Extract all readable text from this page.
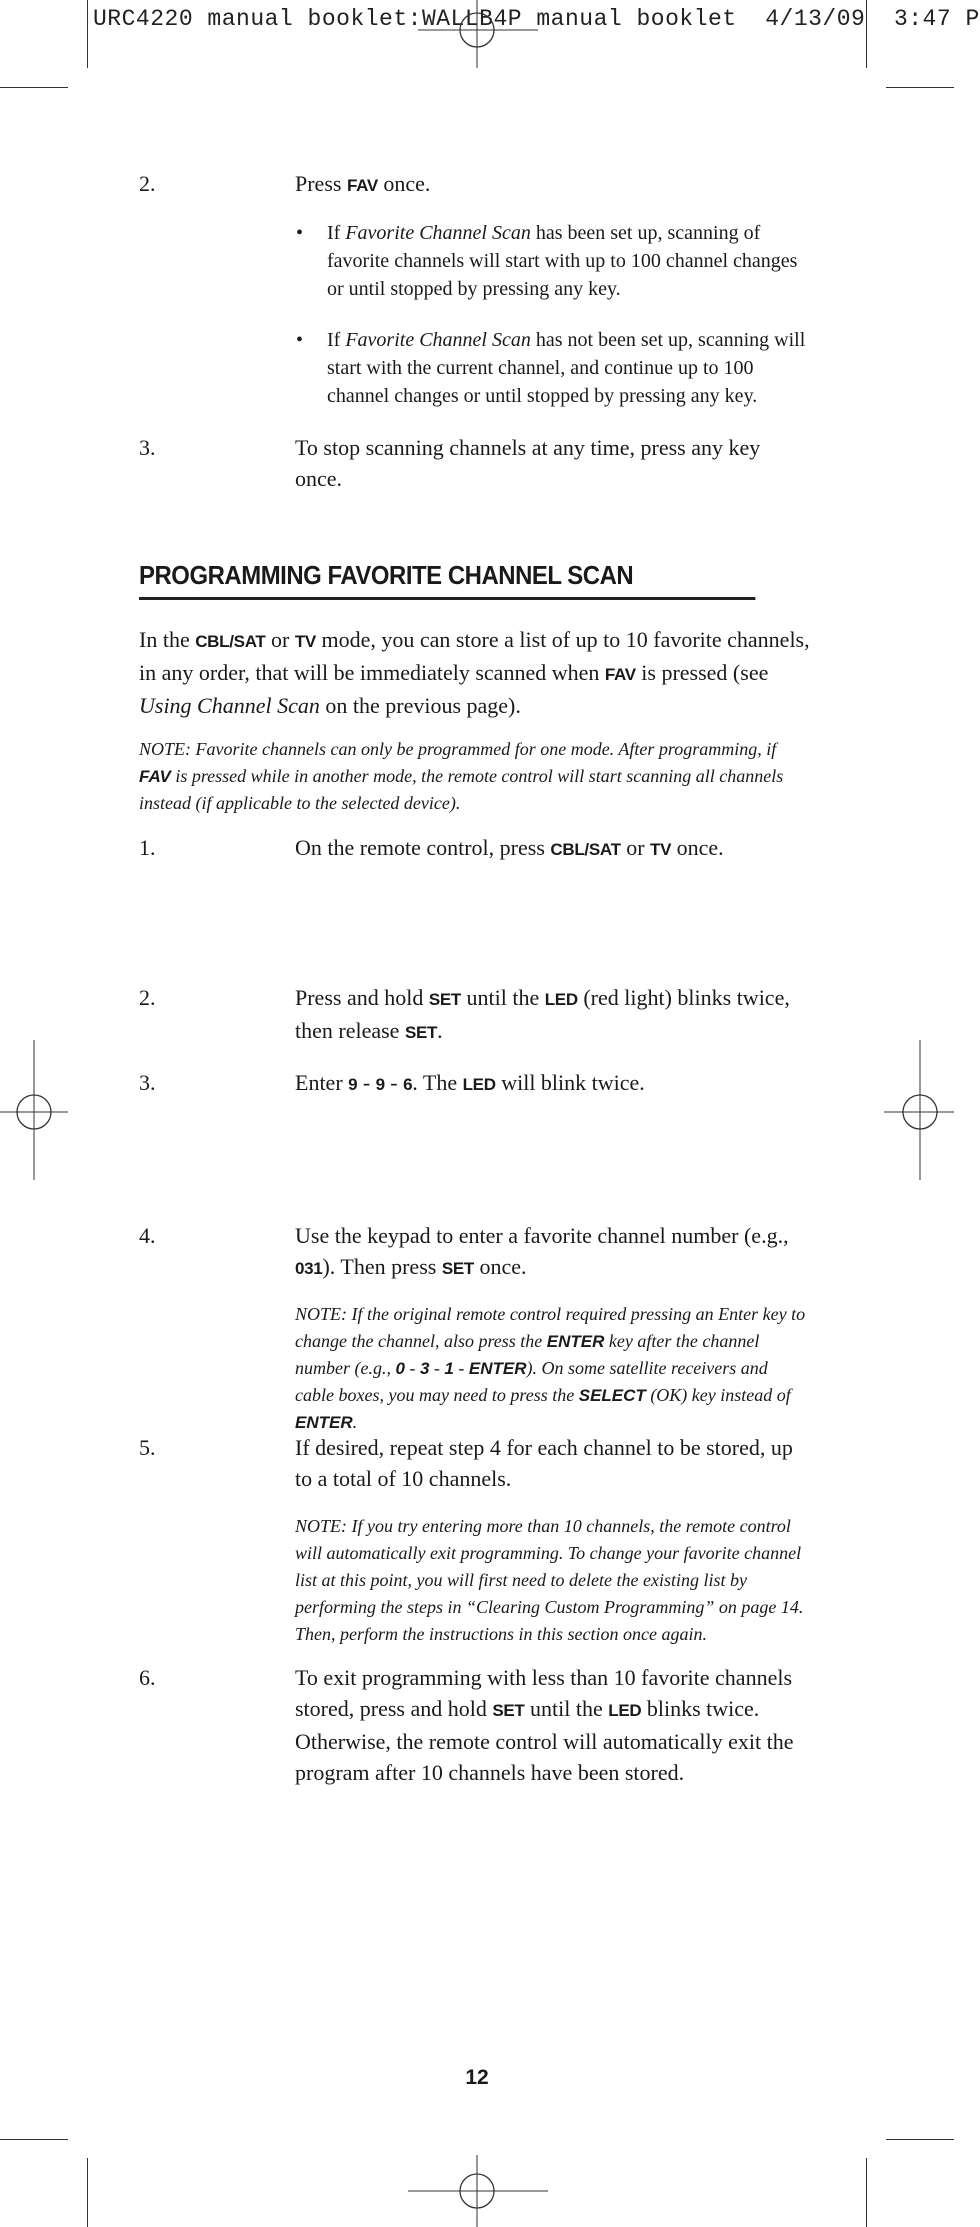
URC4220 manual booklet:WALLB4P manual booklet 4/13/09 3:47 P
2.	Press FAV once.
• If Favorite Channel Scan has been set up, scanning of favorite channels will start with up to 100 channel changes or until stopped by pressing any key.
• If Favorite Channel Scan has not been set up, scanning will start with the current channel, and continue up to 100 channel changes or until stopped by pressing any key.
3.	To stop scanning channels at any time, press any key once.
PROGRAMMING FAVORITE CHANNEL SCAN
In the CBL/SAT or TV mode, you can store a list of up to 10 favorite channels, in any order, that will be immediately scanned when FAV is pressed (see Using Channel Scan on the previous page).
NOTE: Favorite channels can only be programmed for one mode. After programming, if FAV is pressed while in another mode, the remote control will start scanning all channels instead (if applicable to the selected device).
1.	On the remote control, press CBL/SAT or TV once.
2.	Press and hold SET until the LED (red light) blinks twice, then release SET.
3.	Enter 9 - 9 - 6. The LED will blink twice.
4.	Use the keypad to enter a favorite channel number (e.g., 031). Then press SET once.
NOTE: If the original remote control required pressing an Enter key to change the channel, also press the ENTER key after the channel number (e.g., 0 - 3 - 1 - ENTER). On some satellite receivers and cable boxes, you may need to press the SELECT (OK) key instead of ENTER.
5.	If desired, repeat step 4 for each channel to be stored, up to a total of 10 channels.
NOTE: If you try entering more than 10 channels, the remote control will automatically exit programming. To change your favorite channel list at this point, you will first need to delete the existing list by performing the steps in “Clearing Custom Programming” on page 14. Then, perform the instructions in this section once again.
6.	To exit programming with less than 10 favorite channels stored, press and hold SET until the LED blinks twice. Otherwise, the remote control will automatically exit the program after 10 channels have been stored.
12
